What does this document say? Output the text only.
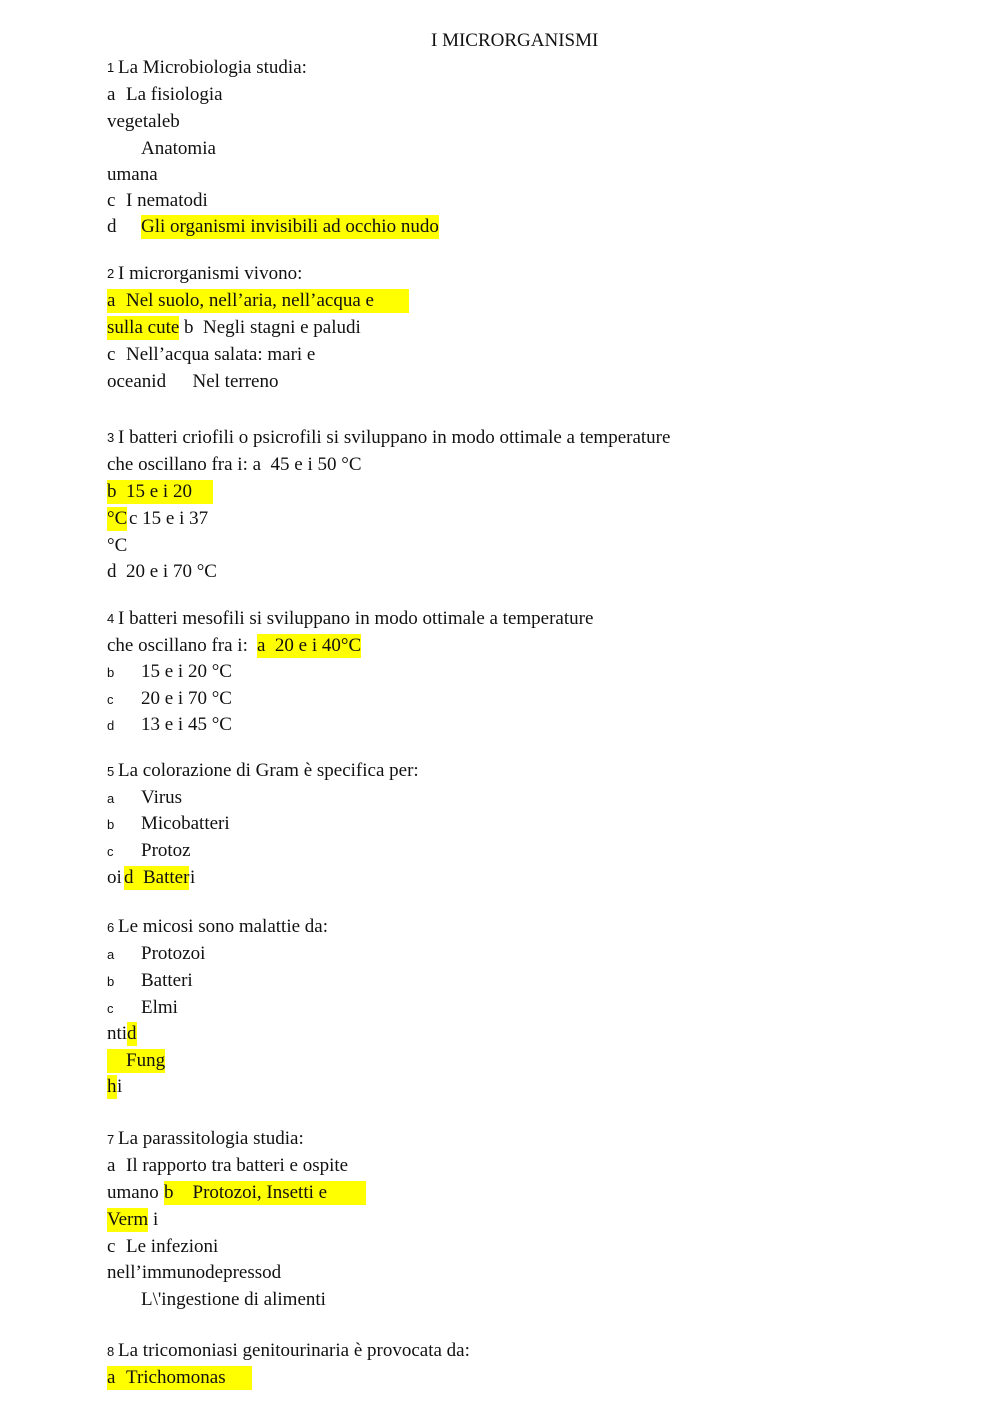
I MICRORGANISMI
1 La Microbiologia studia:
a	La fisiologia
vegetaleb
Anatomia
umana
c	I nematodi
d Gli organismi invisibili ad occhio nudo
2 I microrganismi vivono:
a	Nel suolo, nell’aria, nell’acqua e
sulla cute b	Negli stagni e paludi
c	Nell’acqua salata: mari e
oceanid	Nel terreno
3 I batteri criofili o psicrofili si sviluppano in modo ottimale a temperature
che oscillano fra i: a  45 e i 50 °C
b	15 e i 20
°C c 15 e i 37
°C
d	20 e i 70 °C
4 I batteri mesofili si sviluppano in modo ottimale a temperature
che oscillano fra i: a  20 e i 40°C
b 15 e i 20 °C
c 20 e i 70 °C
d 13 e i 45 °C
5 La colorazione di Gram è specifica per:
a Virus
b Micobatteri
c Protoz
oi d  Batter i
6 Le micosi sono malattie da:
a Protozoi
b Batteri
c Elmi
nti d
	Fung
h i
7 La parassitologia studia:
a	Il rapporto tra batteri e ospite
umano b	Protozoi, Insetti e
Verm i
c	Le infezioni
nell’immunodepressod
L\'ingestione di alimenti
8 La tricomoniasi genitourinaria è provocata da:
a	Trichomonas
